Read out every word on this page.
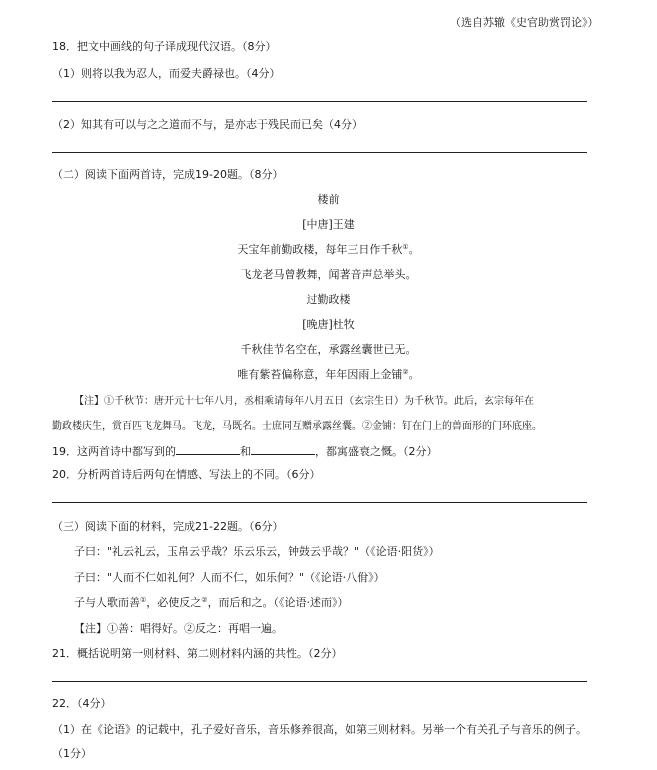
（选自苏辙《史官助赏罚论》）
18．把文中画线的句子译成现代汉语。（8分）
（1）则将以我为忍人，而爱夫爵禄也。（4分）
（2）知其有可以与之之道而不与，是亦志于残民而已矣（4分）
（二）阅读下面两首诗，完成19-20题。（8分）
楼前
[中唐]王建
天宝年前勤政楼，每年三日作千秋①。
飞龙老马曾教舞，闻著音声总举头。
过勤政楼
[晚唐]杜牧
千秋佳节名空在，承露丝囊世已无。
唯有紫苔偏称意，年年因雨上金铺②。
【注】①千秋节：唐开元十七年八月，丞相乘请每年八月五日（玄宗生日）为千秋节。此后，玄宗每年在
勤政楼庆生，赏百匹飞龙舞马。飞龙，马既名。士庶同互赠承露丝囊。②金铺：钉在门上的兽面形的门环底座。
19．这两首诗中都写到的	和	，都寓盛衰之慨。（2分）
20．分析两首诗后两句在情感、写法上的不同。（6分）
（三）阅读下面的材料，完成21-22题。（6分）
子曰："礼云礼云，玉帛云乎哉？乐云乐云，钟鼓云乎哉？"（《论语·阳货》）
子曰："人而不仁如礼何？人而不仁，如乐何？"（《论语·八佾》）
子与人歌而善①，必使反之②，而后和之。（《论语·述而》）
【注】①善：唱得好。②反之：再唱一遍。
21．概括说明第一则材料、第二则材料内涵的共性。（2分）
22．（4分）
（1）在《论语》的记载中，孔子爱好音乐，音乐修养很高，如第三则材料。另举一个有关孔子与音乐的例子。
（1分）
